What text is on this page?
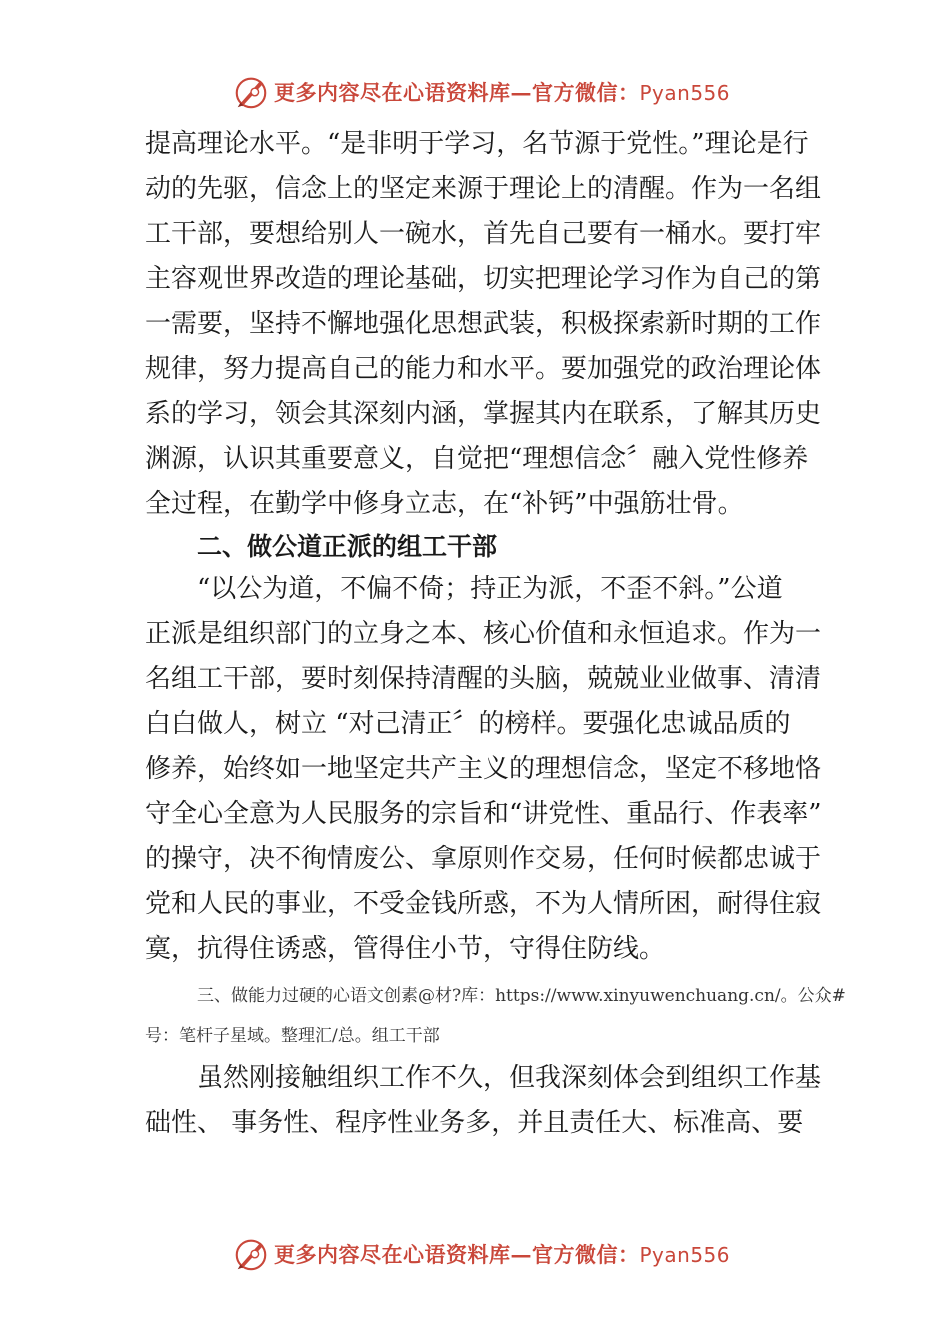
更多内容尽在心语资料库—官方微信：Pyan556

提高理论水平。“是非明于学习，名节源于党性。”理论是行
动的先驱，信念上的坚定来源于理论上的清醒。作为一名组
工干部，要想给别人一碗水，首先自己要有一桶水。要打牢
主容观世界改造的理论基础，切实把理论学习作为自己的第
一需要，坚持不懈地强化思想武装，积极探索新时期的工作
规律，努力提高自己的能力和水平。要加强党的政治理论体
系的学习，领会其深刻内涵，掌握其内在联系，了解其历史
渊源，认识其重要意义，自觉把“理想信念〞融入党性修养
全过程，在勤学中修身立志，在“补钙”中强筋壮骨。

二、做公道正派的组工干部

“以公为道，不偏不倚；持正为派，不歪不斜。”公道
正派是组织部门的立身之本、核心价值和永恒追求。作为一
名组工干部，要时刻保持清醒的头脑，兢兢业业做事、清清
白白做人，树立 “对己清正〞的榜样。要强化忠诚品质的
修养，始终如一地坚定共产主义的理想信念，坚定不移地恪
守全心全意为人民服务的宗旨和“讲党性、重品行、作表率”
的操守，决不徇情废公、拿原则作交易，任何时候都忠诚于
党和人民的事业，不受金钱所惑，不为人情所困，耐得住寂
寞，抗得住诱惑，管得住小节，守得住防线。

三、做能力过硬的心语文创素@材?库：https://www.xinyuwenchuang.cn/。公众#
号：笔杆子星域。整理汇/总。组工干部

虽然刚接触组织工作不久，但我深刻体会到组织工作基
础性、 事务性、程序性业务多，并且责任大、标准高、要

更多内容尽在心语资料库—官方微信：Pyan556
